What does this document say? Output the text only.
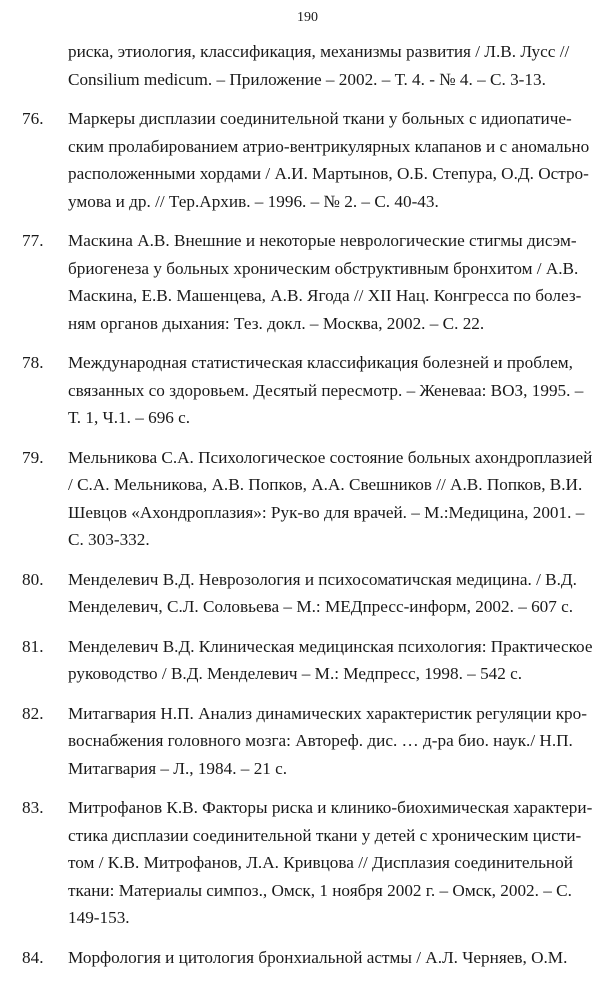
190
риска, этиология, классификация, механизмы развития / Л.В. Лусс //
Consilium medicum. – Приложение – 2002. – Т. 4. - № 4. – С. 3-13.
76. Маркеры дисплазии соединительной ткани у больных с идиопатиче-
ским пролабированием атрио-вентрикулярных клапанов и с аномально
расположенными хордами / А.И. Мартынов, О.Б. Степура, О.Д. Остро-
умова и др. // Тер.Архив. – 1996. – № 2. – С. 40-43.
77. Маскина А.В. Внешние и некоторые неврологические стигмы дисэм-
бриогенеза у больных хроническим обструктивным бронхитом / А.В.
Маскина, Е.В. Машенцева, А.В. Ягода // XII Нац. Конгресса по болез-
ням органов дыхания: Тез. докл. – Москва, 2002. – С. 22.
78. Международная статистическая классификация болезней и проблем,
связанных со здоровьем. Десятый пересмотр. – Женеваа: ВОЗ, 1995. –
Т. 1, Ч.1. – 696 с.
79. Мельникова С.А. Психологическое состояние больных ахондроплазией
/ С.А. Мельникова, А.В. Попков, А.А. Свешников // А.В. Попков, В.И.
Шевцов «Ахондроплазия»: Рук-во для врачей. – М.:Медицина, 2001. –
С. 303-332.
80. Менделевич В.Д. Неврозология и психосоматичская медицина. / В.Д.
Менделевич, С.Л. Соловьева – М.: МЕДпресс-информ, 2002. – 607 с.
81. Менделевич В.Д. Клиническая медицинская психология: Практическое
руководство / В.Д. Менделевич – М.: Медпресс, 1998. – 542 с.
82. Митагвария Н.П. Анализ динамических характеристик регуляции кро-
воснабжения головного мозга: Автореф. дис. … д-ра био. наук./ Н.П.
Митагвария – Л., 1984. – 21 с.
83. Митрофанов К.В. Факторы риска и клинико-биохимическая характери-
стика дисплазии соединительной ткани у детей с хроническим цисти-
том / К.В. Митрофанов, Л.А. Кривцова // Дисплазия соединительной
ткани: Материалы симпоз., Омск, 1 ноября 2002 г. – Омск, 2002. – С.
149-153.
84. Морфология и цитология бронхиальной астмы / А.Л. Черняев, О.М.
